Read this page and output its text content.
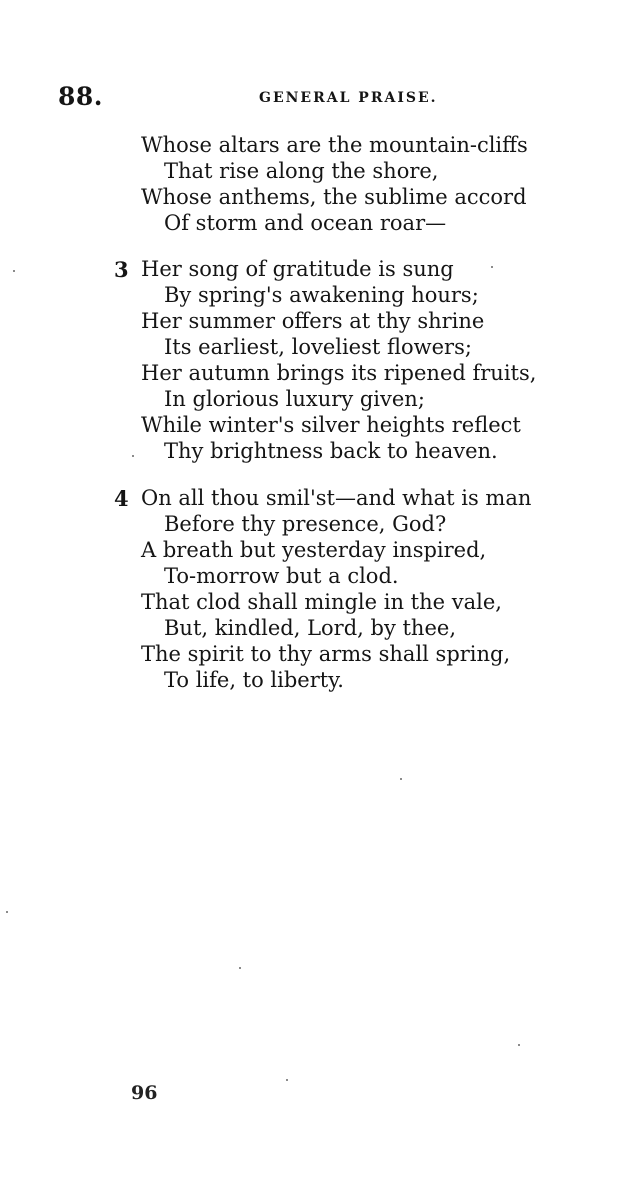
88.	GENERAL PRAISE.
Whose altars are the mountain-cliffs
That rise along the shore,
Whose anthems, the sublime accord
Of storm and ocean roar—
3 Her song of gratitude is sung
By spring's awakening hours;
Her summer offers at thy shrine
Its earliest, loveliest flowers;
Her autumn brings its ripened fruits,
In glorious luxury given;
While winter's silver heights reflect
Thy brightness back to heaven.
4 On all thou smil'st—and what is man
Before thy presence, God?
A breath but yesterday inspired,
To-morrow but a clod.
That clod shall mingle in the vale,
But, kindled, Lord, by thee,
The spirit to thy arms shall spring,
To life, to liberty.
96
